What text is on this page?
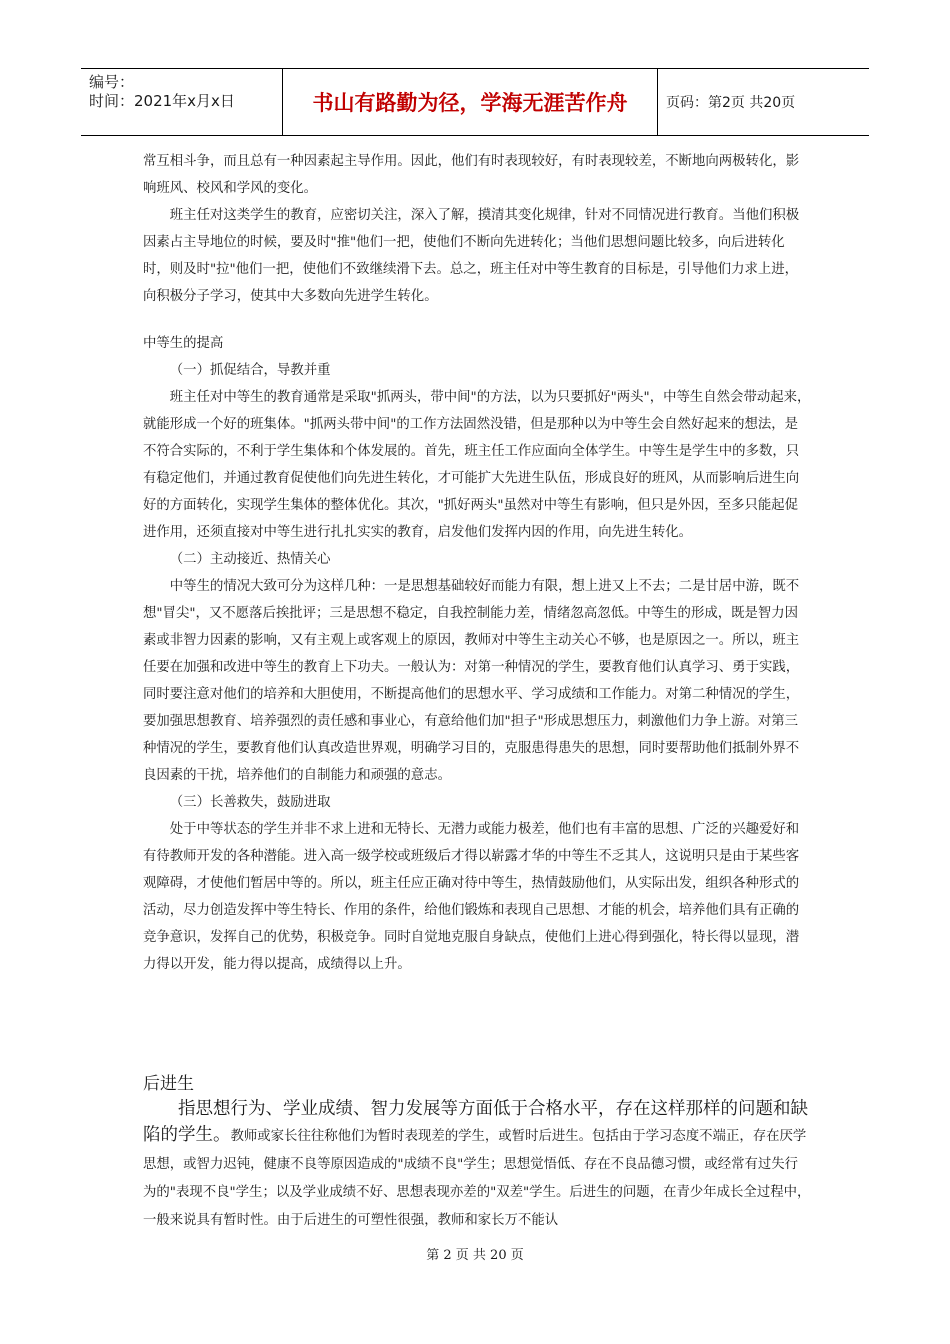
编号：
时间：2021年x月x日	书山有路勤为径，学海无涯苦作舟	页码：第2页 共20页

常互相斗争，而且总有一种因素起主导作用。因此，他们有时表现较好，有时表现较差，不断地向两极转化，影响班风、校风和学风的变化。

班主任对这类学生的教育，应密切关注，深入了解，摸清其变化规律，针对不同情况进行教育。当他们积极因素占主导地位的时候，要及时"推"他们一把，使他们不断向先进转化；当他们思想问题比较多，向后进转化时，则及时"拉"他们一把，使他们不致继续滑下去。总之，班主任对中等生教育的目标是，引导他们力求上进，向积极分子学习，使其中大多数向先进学生转化。

中等生的提高

（一）抓促结合，导教并重

班主任对中等生的教育通常是采取"抓两头，带中间"的方法，以为只要抓好"两头"，中等生自然会带动起来，就能形成一个好的班集体。"抓两头带中间"的工作方法固然没错，但是那种以为中等生会自然好起来的想法，是不符合实际的，不利于学生集体和个体发展的。首先，班主任工作应面向全体学生。中等生是学生中的多数，只有稳定他们，并通过教育促使他们向先进生转化，才可能扩大先进生队伍，形成良好的班风，从而影响后进生向好的方面转化，实现学生集体的整体优化。其次，"抓好两头"虽然对中等生有影响，但只是外因，至多只能起促进作用，还须直接对中等生进行扎扎实实的教育，启发他们发挥内因的作用，向先进生转化。

（二）主动接近、热情关心

中等生的情况大致可分为这样几种：一是思想基础较好而能力有限，想上进又上不去；二是甘居中游，既不想"冒尖"，又不愿落后挨批评；三是思想不稳定，自我控制能力差，情绪忽高忽低。中等生的形成，既是智力因素或非智力因素的影响，又有主观上或客观上的原因，教师对中等生主动关心不够，也是原因之一。所以，班主任要在加强和改进中等生的教育上下功夫。一般认为：对第一种情况的学生，要教育他们认真学习、勇于实践，同时要注意对他们的培养和大胆使用，不断提高他们的思想水平、学习成绩和工作能力。对第二种情况的学生，要加强思想教育、培养强烈的责任感和事业心，有意给他们加"担子"形成思想压力，刺激他们力争上游。对第三种情况的学生，要教育他们认真改造世界观，明确学习目的，克服患得患失的思想，同时要帮助他们抵制外界不良因素的干扰，培养他们的自制能力和顽强的意志。

（三）长善救失，鼓励进取

处于中等状态的学生并非不求上进和无特长、无潜力或能力极差，他们也有丰富的思想、广泛的兴趣爱好和有待教师开发的各种潜能。进入高一级学校或班级后才得以崭露才华的中等生不乏其人，这说明只是由于某些客观障碍，才使他们暂居中等的。所以，班主任应正确对待中等生，热情鼓励他们，从实际出发，组织各种形式的活动，尽力创造发挥中等生特长、作用的条件，给他们锻炼和表现自己思想、才能的机会，培养他们具有正确的竞争意识，发挥自己的优势，积极竞争。同时自觉地克服自身缺点，使他们上进心得到强化，特长得以显现，潜力得以开发，能力得以提高，成绩得以上升。

后进生

指思想行为、学业成绩、智力发展等方面低于合格水平，存在这样那样的问题和缺陷的学生。教师或家长往往称他们为暂时表现差的学生，或暂时后进生。包括由于学习态度不端正，存在厌学思想，或智力迟钝，健康不良等原因造成的"成绩不良"学生；思想觉悟低、存在不良品德习惯，或经常有过失行为的"表现不良"学生；以及学业成绩不好、思想表现亦差的"双差"学生。后进生的问题，在青少年成长全过程中，一般来说具有暂时性。由于后进生的可塑性很强，教师和家长万不能认

第 2 页 共 20 页
